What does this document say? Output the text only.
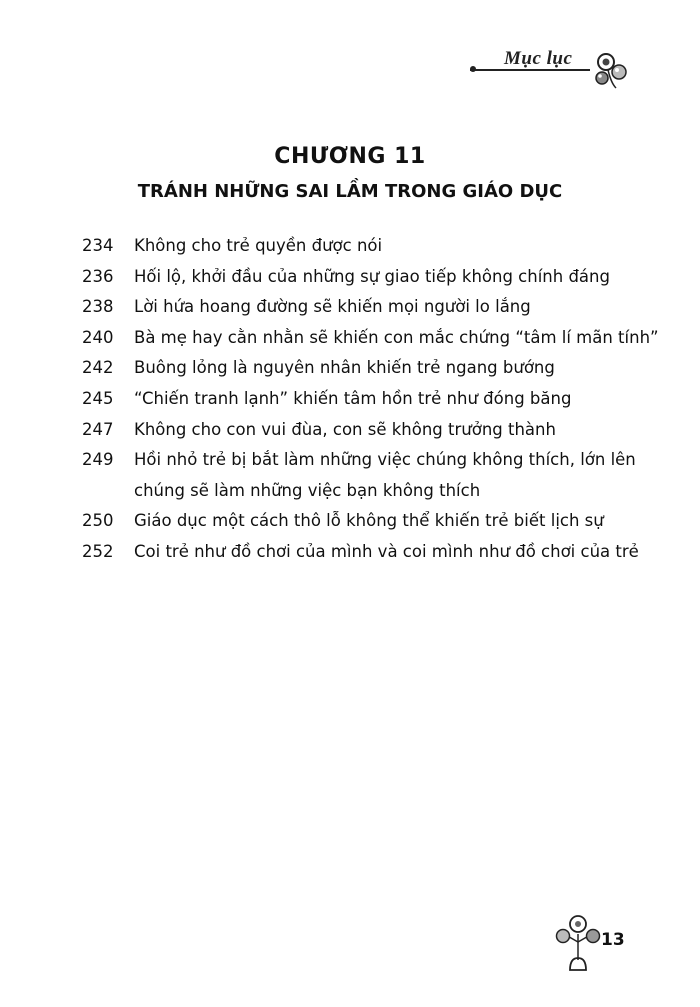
Mục lục
CHƯƠNG 11
TRÁNH NHỮNG SAI LẦM TRONG GIÁO DỤC
234	Không cho trẻ quyền được nói
236	Hối lộ, khởi đầu của những sự giao tiếp không chính đáng
238	Lời hứa hoang đường sẽ khiến mọi người lo lắng
240	Bà mẹ hay cằn nhằn sẽ khiến con mắc chứng “tâm lí mãn tính”
242	Buông lỏng là nguyên nhân khiến trẻ ngang bướng
245	“Chiến tranh lạnh” khiến tâm hồn trẻ như đóng băng
247	Không cho con vui đùa, con sẽ không trưởng thành
249	Hồi nhỏ trẻ bị bắt làm những việc chúng không thích, lớn lên
chúng sẽ làm những việc bạn không thích
250	Giáo dục một cách thô lỗ không thể khiến trẻ biết lịch sự
252	Coi trẻ như đồ chơi của mình và coi mình như đồ chơi của trẻ
13
